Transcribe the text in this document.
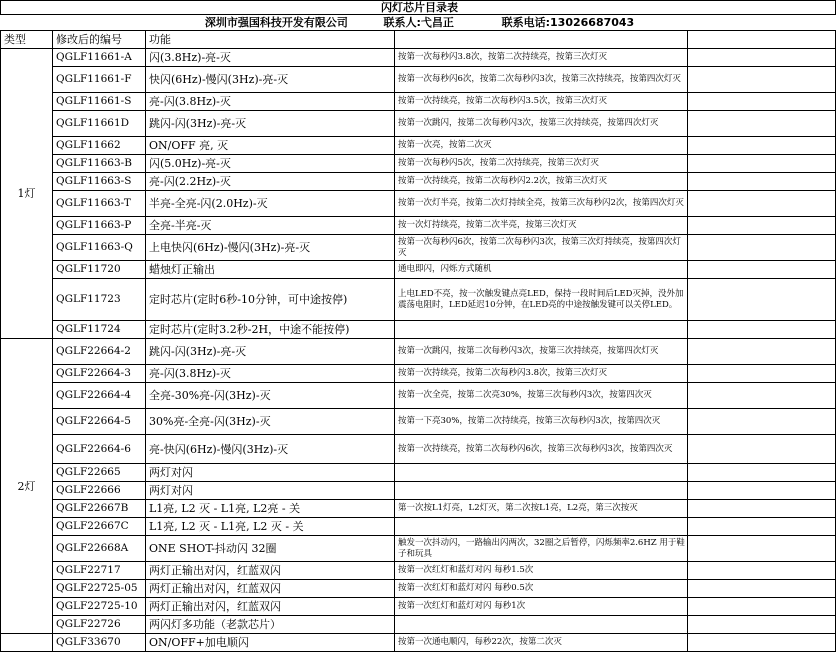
闪灯芯片目录表				
深圳市强国科技开发有限公司 联系人:弋昌正 联系电话:13026687043				
类型	修改后的编号	功能		
1灯	QGLF11661-A	闪(3.8Hz)-亮-灭	按第一次每秒闪3.8次，按第二次持续亮，按第三次灯灭	
	QGLF11661-F	快闪(6Hz)-慢闪(3Hz)-亮-灭	按第一次每秒闪6次，按第二次每秒闪3次，按第三次持续亮，按第四次灯灭	
	QGLF11661-S	亮-闪(3.8Hz)-灭	按第一次持续亮，按第二次每秒闪3.5次，按第三次灯灭	
	QGLF11661D	跳闪-闪(3Hz)-亮-灭	按第一次跳闪，按第二次每秒闪3次，按第三次持续亮，按第四次灯灭	
	QGLF11662	ON/OFF 亮, 灭	按第一次亮，按第二次灭	
	QGLF11663-B	闪(5.0Hz)-亮-灭	按第一次每秒闪5次，按第二次持续亮，按第三次灯灭	
	QGLF11663-S	亮-闪(2.2Hz)-灭	按第一次持续亮，按第二次每秒闪2.2次，按第三次灯灭	
	QGLF11663-T	半亮-全亮-闪(2.0Hz)-灭	按第一次灯半亮，按第二次灯持续全亮，按第三次每秒闪2次，按第四次灯灭	
	QGLF11663-P	全亮-半亮-灭	按一次灯持续亮，按第二次半亮，按第三次灯灭	
	QGLF11663-Q	上电快闪(6Hz)-慢闪(3Hz)-亮-灭	按第一次每秒闪6次，按第二次每秒闪3次，按第三次灯持续亮，按第四次灯灭	
	QGLF11720	蜡烛灯正输出	通电即闪，闪烁方式随机	
	QGLF11723	定时芯片(定时6秒-10分钟，可中途按停)	上电LED不亮，按一次触发键点亮LED，保持一段时间后LED灭掉，没外加震荡电阻时，LED延迟10分钟，在LED亮的中途按触发键可以关停LED。	
	QGLF11724	定时芯片(定时3.2秒-2H，中途不能按停)		
2灯	QGLF22664-2	跳闪-闪(3Hz)-亮-灭	按第一次跳闪，按第二次每秒闪3次，按第三次持续亮，按第四次灯灭	
	QGLF22664-3	亮-闪(3.8Hz)-灭	按第一次持续亮，按第二次每秒闪3.8次，按第三次灯灭	
	QGLF22664-4	全亮-30%亮-闪(3Hz)-灭	按第一次全亮，按第二次亮30%，按第三次每秒闪3次，按第四次灭	
	QGLF22664-5	30%亮-全亮-闪(3Hz)-灭	按第一下亮30%，按第二次持续亮，按第三次每秒闪3次，按第四次灭	
	QGLF22664-6	亮-快闪(6Hz)-慢闪(3Hz)-灭	按第一次持续亮，按第二次每秒闪6次，按第三次每秒闪3次，按第四次灭	
	QGLF22665	两灯对闪		
	QGLF22666	两灯对闪		
	QGLF22667B	L1亮, L2 灭 - L1亮, L2亮 - 关	第一次按L1灯亮，L2灯灭，第二次按L1亮，L2亮，第三次按灭	
	QGLF22667C	L1亮, L2 灭 - L1亮, L2 灭 - 关		
	QGLF22668A	ONE SHOT-抖动闪 32圈	触发一次抖动闪，一路输出闪两次，32圈之后暂停，闪烁频率2.6HZ 用于鞋子和玩具	
	QGLF22717	两灯正输出对闪，红蓝双闪	按第一次红灯和蓝灯对闪 每秒1.5次	
	QGLF22725-05	两灯正输出对闪，红蓝双闪	按第一次红灯和蓝灯对闪 每秒0.5次	
	QGLF22725-10	两灯正输出对闪，红蓝双闪	按第一次红灯和蓝灯对闪 每秒1次	
	QGLF22726	两闪灯多功能（老款芯片）		
	QGLF33670	ON/OFF+加电顺闪	按第一次通电顺闪，每秒22次，按第二次灭	
